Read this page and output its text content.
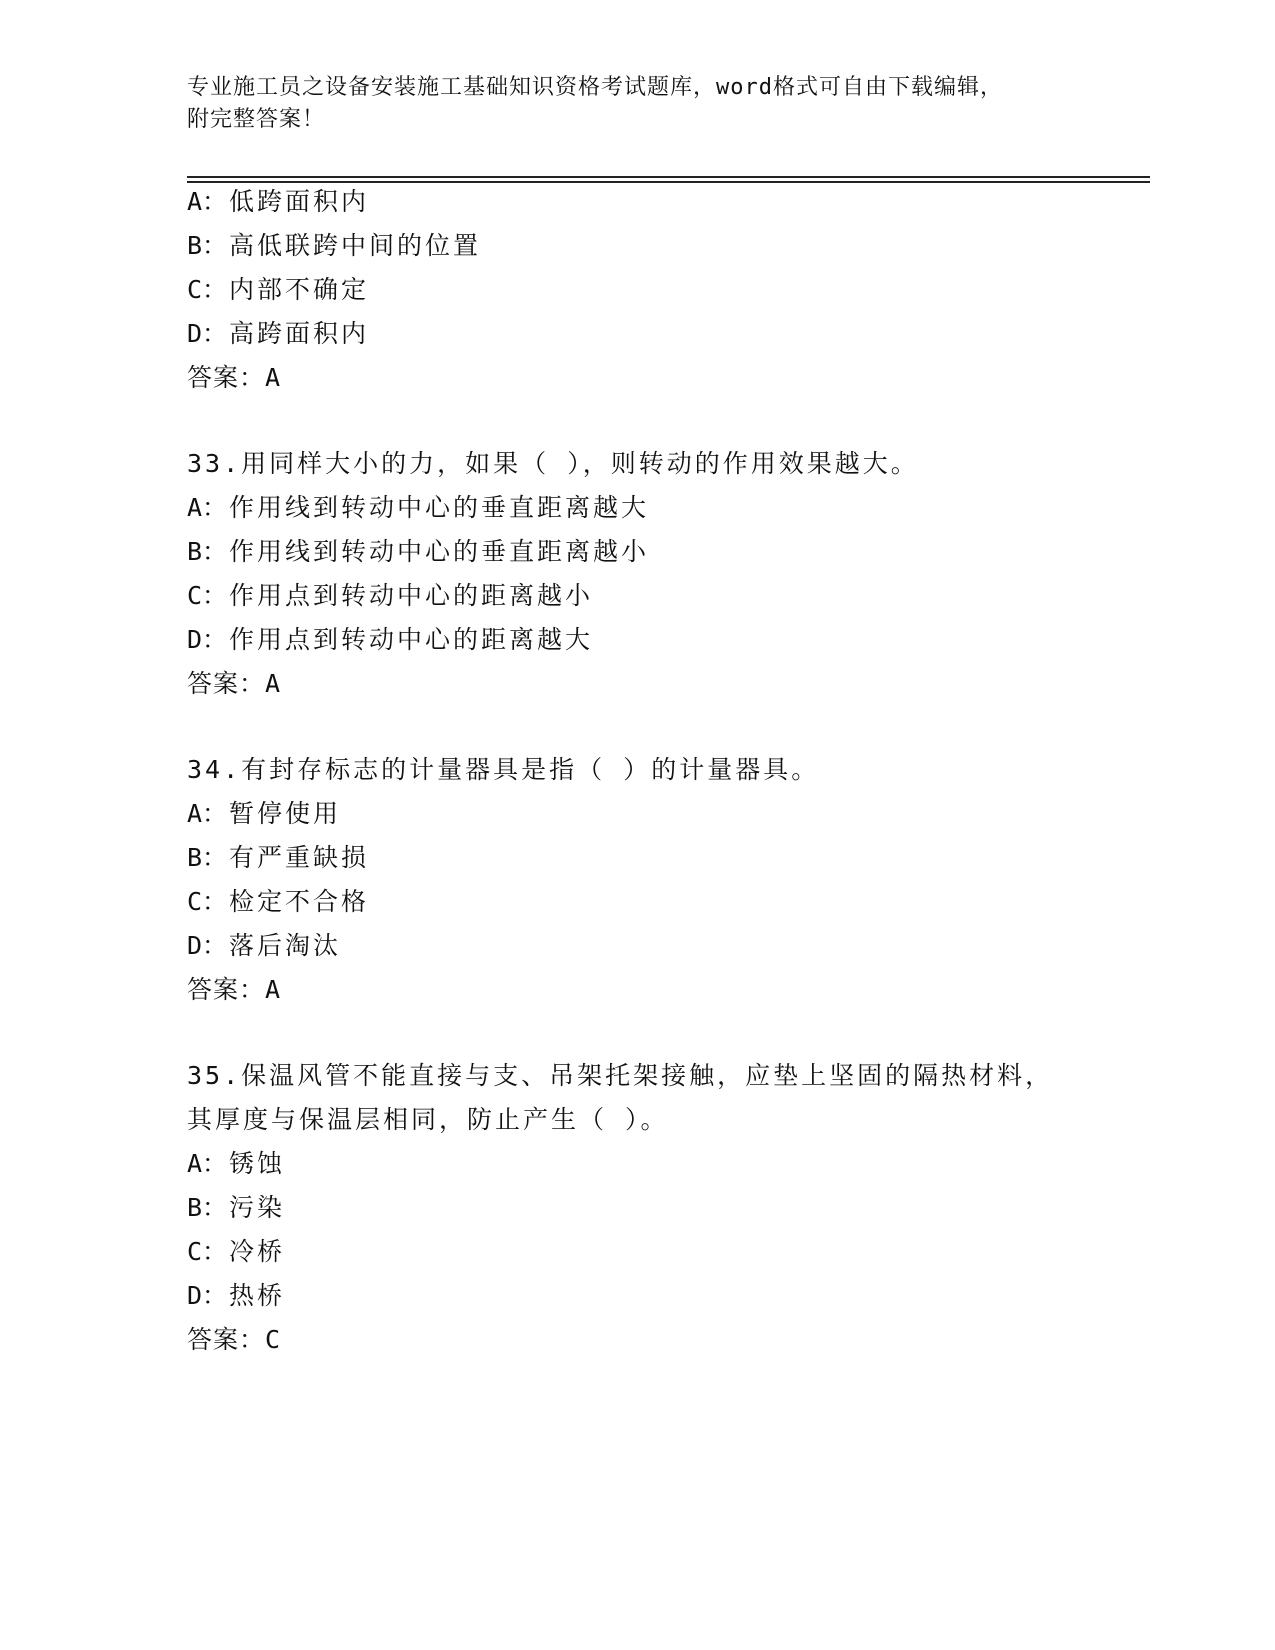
专业施工员之设备安装施工基础知识资格考试题库，word格式可自由下载编辑，
附完整答案！
A：低跨面积内
B：高低联跨中间的位置
C：内部不确定
D：高跨面积内
答案：A
33.用同样大小的力，如果（ ），则转动的作用效果越大。
A：作用线到转动中心的垂直距离越大
B：作用线到转动中心的垂直距离越小
C：作用点到转动中心的距离越小
D：作用点到转动中心的距离越大
答案：A
34.有封存标志的计量器具是指（ ）的计量器具。
A：暂停使用
B：有严重缺损
C：检定不合格
D：落后淘汰
答案：A
35.保温风管不能直接与支、吊架托架接触，应垫上坚固的隔热材料，
其厚度与保温层相同，防止产生（ ）。
A：锈蚀
B：污染
C：冷桥
D：热桥
答案：C
